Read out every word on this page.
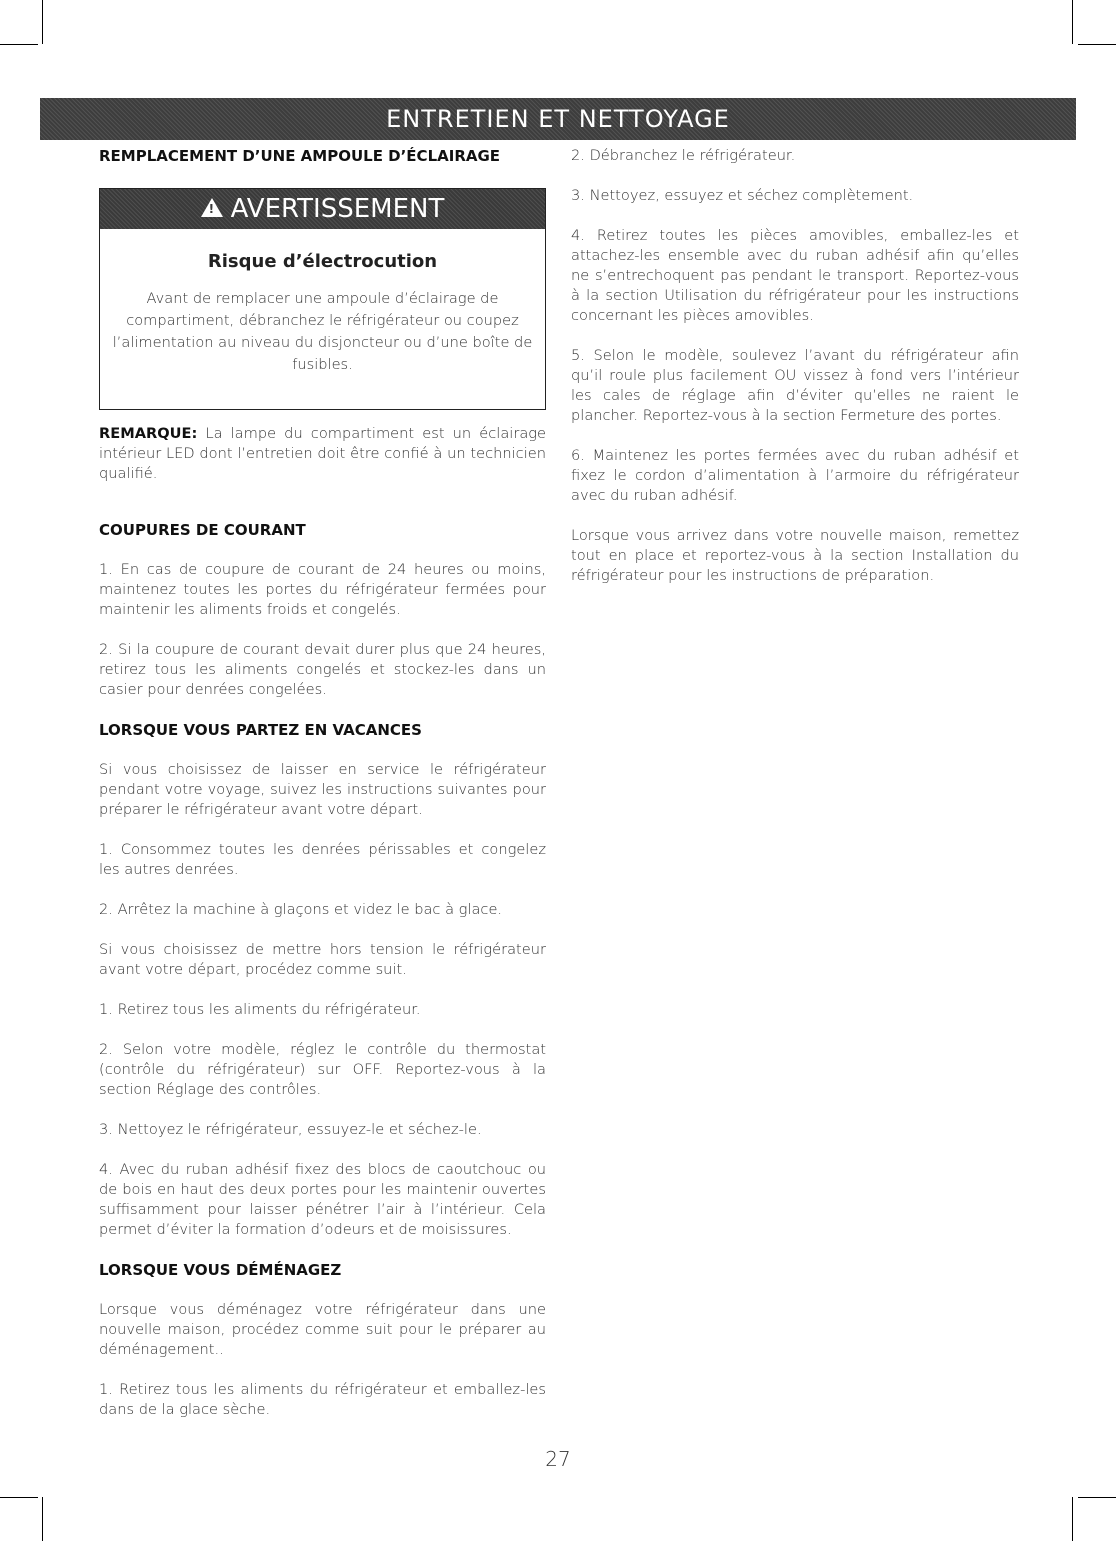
ENTRETIEN ET NETTOYAGE
REMPLACEMENT D’UNE AMPOULE D’ÉCLAIRAGE
!AVERTISSEMENT
Risque d’électrocution
Avant de remplacer une ampoule d’éclairage de compartiment, débranchez le réfrigérateur ou coupez l’alimentation au niveau du disjoncteur ou d’une boîte de fusibles.

REMARQUE: La lampe du compartiment est un éclairage intérieur LED dont l’entretien doit être confié à un technicien qualifié.

COUPURES DE COURANT

1. En cas de coupure de courant de 24 heures ou moins, maintenez toutes les portes du réfrigérateur fermées pour maintenir les aliments froids et congelés.

2. Si la coupure de courant devait durer plus que 24 heures, retirez tous les aliments congelés et stockez-les dans un casier pour denrées congelées.

LORSQUE VOUS PARTEZ EN VACANCES

Si vous choisissez de laisser en service le réfrigérateur pendant votre voyage, suivez les instructions suivantes pour préparer le réfrigérateur avant votre départ.

1. Consommez toutes les denrées périssables et congelez les autres denrées.

2. Arrêtez la machine à glaçons et videz le bac à glace.

Si vous choisissez de mettre hors tension le réfrigérateur avant votre départ, procédez comme suit.

1. Retirez tous les aliments du réfrigérateur.

2. Selon votre modèle, réglez le contrôle du thermostat (contrôle du réfrigérateur) sur OFF. Reportez-vous à la section Réglage des contrôles.

3. Nettoyez le réfrigérateur, essuyez-le et séchez-le.

4. Avec du ruban adhésif fixez des blocs de caoutchouc ou de bois en haut des deux portes pour les maintenir ouvertes suffisamment pour laisser pénétrer l’air à l’intérieur. Cela permet d’éviter la formation d’odeurs et de moisissures.

LORSQUE VOUS DÉMÉNAGEZ

Lorsque vous déménagez votre réfrigérateur dans une nouvelle maison, procédez comme suit pour le préparer au déménagement..

1. Retirez tous les aliments du réfrigérateur et emballez-les dans de la glace sèche.

2. Débranchez le réfrigérateur.

3. Nettoyez, essuyez et séchez complètement.

4. Retirez toutes les pièces amovibles, emballez-les et attachez-les ensemble avec du ruban adhésif afin qu’elles ne s’entrechoquent pas pendant le transport. Reportez-vous à la section Utilisation du réfrigérateur pour les instructions concernant les pièces amovibles.

5. Selon le modèle, soulevez l’avant du réfrigérateur afin qu’il roule plus facilement OU vissez à fond vers l’intérieur les cales de réglage afin d’éviter qu’elles ne raient le plancher. Reportez-vous à la section Fermeture des portes.

6. Maintenez les portes fermées avec du ruban adhésif et fixez le cordon d’alimentation à l’armoire du réfrigérateur avec du ruban adhésif.

Lorsque vous arrivez dans votre nouvelle maison, remettez tout en place et reportez-vous à la section Installation du réfrigérateur pour les instructions de préparation.

27
